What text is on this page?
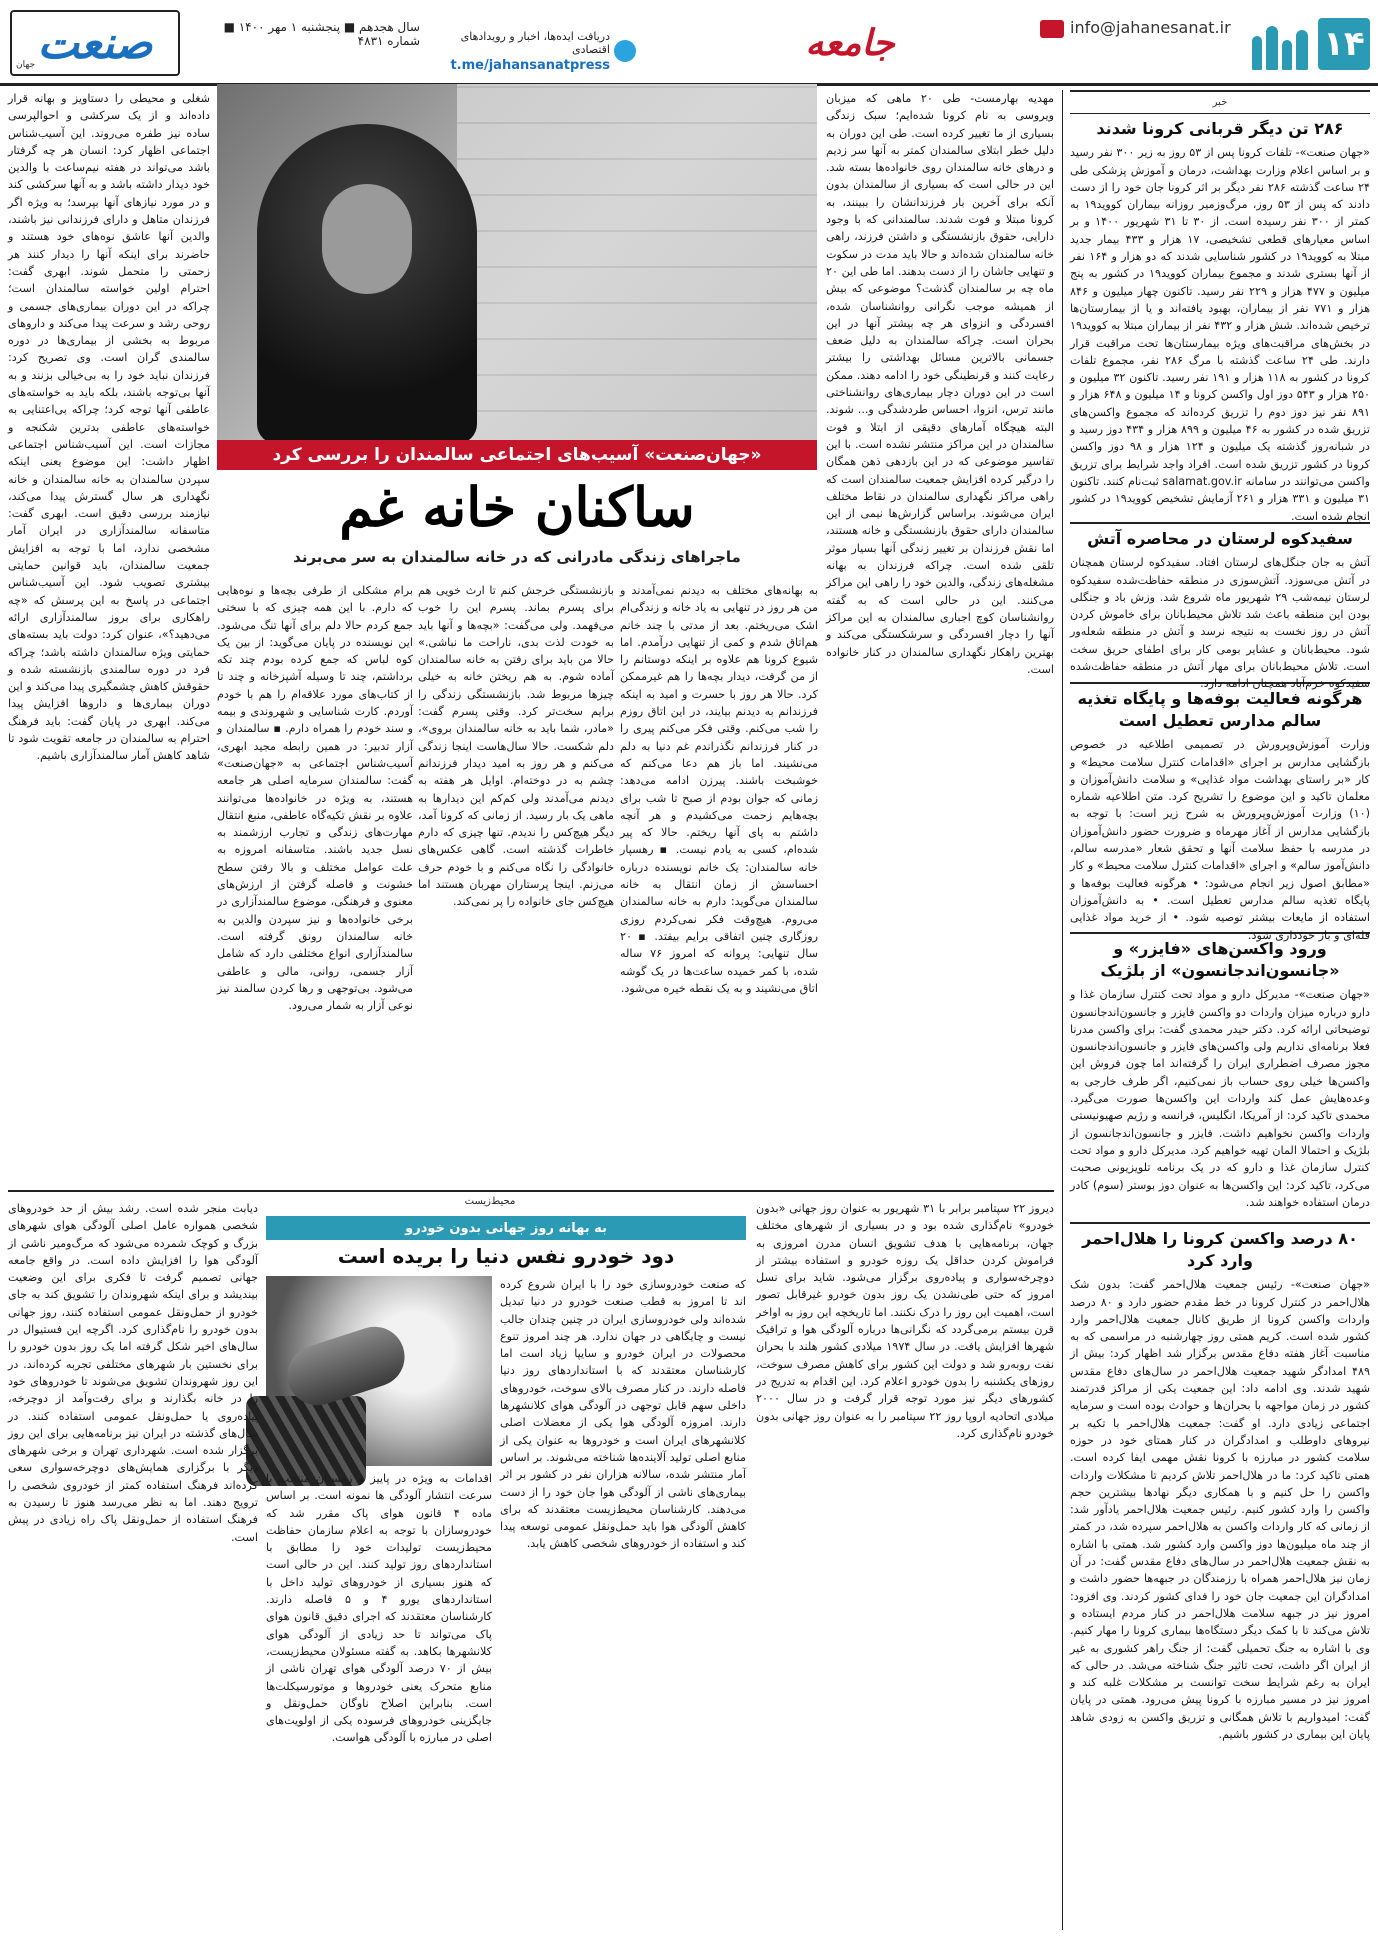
۱۴
info@jahanesanat.ir
جامعه
دریافت ایده‌ها، اخبار و رویدادهای اقتصادی
t.me/jahansanatpress
سال هجدهم ■ پنجشنبه ۱ مهر ۱۴۰۰ ■ شماره ۴۸۳۱
صنعت
جهان
خبر
۲۸۶ تن دیگر قربانی کرونا شدند

«جهان صنعت»- تلفات کرونا پس از ۵۳ روز به زیر ۳۰۰ نفر رسید و بر اساس اعلام وزارت بهداشت، درمان و آموزش پزشکی طی ۲۴ ساعت گذشته ۲۸۶ نفر دیگر بر اثر کرونا جان خود را از دست دادند که پس از ۵۳ روز، مرگ‌وزمیر روزانه بیماران کووید۱۹ به کمتر از ۳۰۰ نفر رسیده است. از ۳۰ تا ۳۱ شهریور ۱۴۰۰ و بر اساس معیارهای قطعی تشخیصی، ۱۷ هزار و ۴۳۳ بیمار جدید مبتلا به کووید۱۹ در کشور شناسایی شدند که دو هزار و ۱۶۴ نفر از آنها بستری شدند و مجموع بیماران کووید۱۹ در کشور به پنج میلیون و ۴۷۷ هزار و ۲۲۹ نفر رسید. تاکنون چهار میلیون و ۸۴۶ هزار و ۷۷۱ نفر از بیماران، بهبود یافته‌اند و یا از بیمارستان‌ها ترخیص شده‌اند. شش هزار و ۴۳۲ نفر از بیماران مبتلا به کووید۱۹ در بخش‌های مراقبت‌های ویژه بیمارستان‌ها تحت مراقبت قرار دارند. طی ۲۴ ساعت گذشته با مرگ ۲۸۶ نفر، مجموع تلفات کرونا در کشور به ۱۱۸ هزار و ۱۹۱ نفر رسید. تاکنون ۳۲ میلیون و ۲۵۰ هزار و ۵۴۳ دوز اول واکسن کرونا و ۱۴ میلیون و ۶۴۸ هزار و ۸۹۱ نفر نیز دوز دوم را تزریق کرده‌اند که مجموع واکسن‌های تزریق شده در کشور به ۴۶ میلیون و ۸۹۹ هزار و ۴۳۴ دوز رسید و در شبانه‌روز گذشته یک میلیون و ۱۲۴ هزار و ۹۸ دوز واکسن کرونا در کشور تزریق شده است. افراد واجد شرایط برای تزریق واکسن می‌توانند در سامانه salamat.gov.ir ثبت‌نام کنند. تاکنون ۳۱ میلیون و ۳۳۱ هزار و ۲۶۱ آزمایش تشخیص کووید۱۹ در کشور انجام شده است.

سفیدکوه لرستان در محاصره آتش

آتش به جان جنگل‌های لرستان افتاد. سفیدکوه لرستان همچنان در آتش می‌سوزد. آتش‌سوزی در منطقه حفاظت‌شده سفیدکوه لرستان نیمه‌شب ۲۹ شهریور ماه شروع شد. وزش باد و جنگلی بودن این منطقه باعث شد تلاش محیط‌بانان برای خاموش کردن آتش در روز نخست به نتیجه نرسد و آتش در منطقه شعله‌ور شود. محیط‌بانان و عشایر بومی کار برای اطفای حریق سخت است. تلاش محیط‌بانان برای مهار آتش در منطقه حفاظت‌شده سفیدکوه خرم‌آباد همچنان ادامه دارد.

هرگونه فعالیت بوفه‌ها و پایگاه تغذیه سالم مدارس تعطیل است

وزارت آموزش‌وپرورش در تصمیمی اطلاعیه در خصوص بازگشایی مدارس بر اجرای «اقدامات کنترل سلامت محیط» و کار «بر راستای بهداشت مواد غذایی» و سلامت دانش‌آموزان و معلمان تاکید و این موضوع را تشریح کرد. متن اطلاعیه شماره (۱۰) وزارت آموزش‌وپرورش به شرح زیر است: با توجه به بازگشایی مدارس از آغاز مهرماه و ضرورت حضور دانش‌آموزان در مدرسه با حفظ سلامت آنها و تحقق شعار «مدرسه سالم، دانش‌آموز سالم» و اجرای «اقدامات کنترل سلامت محیط» و کار «مطابق اصول زیر انجام می‌شود: • هرگونه فعالیت بوفه‌ها و پایگاه تغذیه سالم مدارس تعطیل است. • به دانش‌آموزان استفاده از مایعات بیشتر توصیه شود. • از خرید مواد غذایی فله‌ای و باز خودداری شود.

ورود واکسن‌های «فایزر» و «جانسون‌اند‌جانسون» از بلژیک

«جهان صنعت»- مدیرکل دارو و مواد تحت کنترل سازمان غذا و دارو درباره میزان واردات دو واکسن فایزر و جانسون‌اند‌جانسون توضیحاتی ارائه کرد. دکتر حیدر محمدی گفت: برای واکسن مدرنا فعلا برنامه‌ای نداریم ولی واکسن‌های فایزر و جانسون‌اند‌جانسون مجوز مصرف اضطراری ایران را گرفته‌اند اما چون فروش این واکسن‌ها خیلی روی حساب باز نمی‌کنیم، اگر طرف خارجی به وعده‌هایش عمل کند واردات این واکسن‌ها صورت می‌گیرد. محمدی تاکید کرد: از آمریکا، انگلیس، فرانسه و رژیم صهیونیستی واردات واکسن نخواهیم داشت. فایزر و جانسون‌اند‌جانسون از بلژیک و احتمالا المان تهیه خواهیم کرد. مدیرکل دارو و مواد تحت کنترل سازمان غذا و دارو که در یک برنامه تلویزیونی صحبت می‌کرد، تاکید کرد: این واکسن‌ها به عنوان دوز بوستر (سوم) کادر درمان استفاده خواهند شد.

۸۰ درصد واکسن کرونا را هلال‌احمر وارد کرد

«جهان صنعت»- رئیس جمعیت هلال‌احمر گفت: بدون شک هلال‌احمر در کنترل کرونا در خط مقدم حضور دارد و ۸۰ درصد واردات واکسن کرونا از طریق کانال جمعیت هلال‌احمر وارد کشور شده است. کریم همتی روز چهارشنبه در مراسمی که به مناسبت آغاز هفته دفاع مقدس برگزار شد اظهار کرد: بیش از ۴۸۹ امدادگر شهید جمعیت هلال‌احمر در سال‌های دفاع مقدس شهید شدند. وی ادامه داد: این جمعیت یکی از مراکز قدرتمند کشور در زمان مواجهه با بحران‌ها و حوادث بوده است و سرمایه اجتماعی زیادی دارد. او گفت: جمعیت هلال‌احمر با تکیه بر نیروهای داوطلب و امدادگران در کنار همتای خود در حوزه سلامت کشور در مبارزه با کرونا نقش مهمی ایفا کرده است. همتی تاکید کرد: ما در هلال‌احمر تلاش کردیم تا مشکلات واردات واکسن را حل کنیم و با همکاری دیگر نهادها بیشترین حجم واکسن را وارد کشور کنیم. رئیس جمعیت هلال‌احمر یادآور شد: از زمانی که کار واردات واکسن به هلال‌احمر سپرده شد، در کمتر از چند ماه میلیون‌ها دوز واکسن وارد کشور شد. همتی با اشاره به نقش جمعیت هلال‌احمر در سال‌های دفاع مقدس گفت: در آن زمان نیز هلال‌احمر همراه با رزمندگان در جبهه‌ها حضور داشت و امدادگران این جمعیت جان خود را فدای کشور کردند. وی افزود: امروز نیز در جبهه سلامت هلال‌احمر در کنار مردم ایستاده و تلاش می‌کند تا با کمک دیگر دستگاه‌ها بیماری کرونا را مهار کنیم. وی با اشاره به جنگ تحمیلی گفت: از جنگ راهر کشوری به غیر از ایران اگر داشت، تحت تاثیر جنگ شناخته می‌شد. در حالی که ایران به رغم شرایط سخت توانست بر مشکلات غلبه کند و امروز نیز در مسیر مبارزه با کرونا پیش می‌رود. همتی در پایان گفت: امیدواریم با تلاش همگانی و تزریق واکسن به زودی شاهد پایان این بیماری در کشور باشیم.

«جهان‌صنعت» آسیب‌های اجتماعی سالمندان را بررسی کرد
ساکنان خانه غم
ماجراهای زندگی مادرانی که در خانه سالمندان به سر می‌برند

مهدیه بهارمست- طی ۲۰ ماهی که میزبان ویروسی به نام کرونا شده‌ایم؛ سبک زندگی بسیاری از ما تغییر کرده است. طی این دوران به دلیل خطر ابتلای سالمندان کمتر به آنها سر زدیم و درهای خانه سالمندان روی خانواده‌ها بسته شد. این در حالی است که بسیاری از سالمندان بدون آنکه برای آخرین بار فرزندانشان را ببینند، به کرونا مبتلا و فوت شدند. سالمندانی که با وجود دارایی، حقوق بازنشستگی و داشتن فرزند، راهی خانه سالمندان شده‌اند و حالا باید مدت در سکوت و تنهایی جاشان را از دست بدهند. اما طی این ۲۰ ماه چه بر سالمندان گذشت؟ موضوعی که بیش از همیشه موجب نگرانی روانشناسان شده، افسردگی و انزوای هر چه بیشتر آنها در این بحران است. چراکه سالمندان به دلیل ضعف جسمانی بالاترین مسائل بهداشتی را بیشتر رعایت کنند و قرنطینگی خود را ادامه دهند. ممکن است در این دوران دچار بیماری‌های روانشناختی مانند ترس، انزوا، احساس طردشدگی و... شوند. البته هیچگاه آمارهای دقیقی از ابتلا و فوت سالمندان در این مراکز منتشر نشده است. با این تفاسیر موضوعی که در این بازدهی ذهن همگان را درگیر کرده افزایش جمعیت سالمندان است که راهی مراکز نگهداری سالمندان در نقاط مختلف ایران می‌شوند. براساس گزارش‌ها نیمی از این سالمندان دارای حقوق بازنشستگی و خانه هستند، اما نقش فرزندان بر تغییر زندگی آنها بسیار موثر تلقی شده است. چراکه فرزندان به بهانه مشغله‌های زندگی، والدین خود را راهی این مراکز می‌کنند. این در حالی است که به گفته روانشناسان کوچ اجباری سالمندان به این مراکز آنها را دچار افسردگی و سرشکستگی می‌کند و بهترین راهکار نگهداری سالمندان در کنار خانواده است.

به بهانه‌های مختلف به دیدنم نمی‌آمدند و من هر روز در تنهایی به یاد خانه و زندگی‌ام اشک می‌ریختم. بعد از مدتی با چند خانم هم‌اتاق شدم و کمی از تنهایی درآمدم. اما شیوع کرونا هم علاوه بر اینکه دوستانم را از من گرفت، دیدار بچه‌ها را هم غیرممکن کرد. حالا هر روز با حسرت و امید به اینکه فرزندانم به دیدنم بیایند، در این اتاق روزم را شب می‌کنم. وقتی فکر می‌کنم پیری را در کنار فرزندانم نگذراندم غم دنیا به دلم می‌نشیند. اما باز هم دعا می‌کنم که خوشبخت باشند. پیرزن ادامه می‌دهد: زمانی که جوان بودم از صبح تا شب برای بچه‌هایم زحمت می‌کشیدم و هر آنچه داشتم به پای آنها ریختم. حالا که پیر شده‌ام، کسی به یادم نیست. ▪ رهسپار خانه سالمندان: یک خانم نویسنده درباره احساسش از زمان انتقال به خانه سالمندان می‌گوید: دارم به خانه سالمندان می‌روم. هیچ‌وقت فکر نمی‌کردم روزی روزگاری چنین اتفاقی برایم بیفتد. ▪ ۲۰ سال تنهایی: پروانه که امروز ۷۶ ساله شده، با کمر خمیده ساعت‌ها در یک گوشه اتاق می‌نشیند و به یک نقطه خیره می‌شود.

بازنشستگی خرجش کنم تا ارث خویی هم برای پسرم بماند. پسرم این را خوب می‌فهمد. ولی می‌گفت: «بچه‌ها و آنها باید به خودت لذت بدی، ناراحت ما نباشی.» حالا من باید برای رفتن به خانه سالمندان آماده شوم. به هم ریختن خانه به خیلی چیزها مربوط شد. بازنشستگی زندگی را برایم سخت‌تر کرد. وقتی پسرم گفت: «مادر، شما باید به خانه سالمندان بروی»، دلم شکست. حالا سال‌هاست اینجا زندگی می‌کنم و هر روز به امید دیدار فرزندانم چشم به در دوخته‌ام. اوایل هر هفته به دیدنم می‌آمدند ولی کم‌کم این دیدارها به ماهی یک بار رسید. از زمانی که کرونا آمد، دیگر هیچ‌کس را ندیدم. تنها چیزی که دارم خاطرات گذشته است. گاهی عکس‌های خانوادگی را نگاه می‌کنم و با خودم حرف می‌زنم. اینجا پرستاران مهربان هستند اما هیچ‌کس جای خانواده را پر نمی‌کند.

برام مشکلی از طرفی بچه‌ها و نوه‌هایی که دارم. با این همه چیزی که با سختی جمع کردم حالا دلم برای آنها تنگ می‌شود. این نویسنده در پایان می‌گوید: از بین یک کوه لباس که جمع کرده بودم چند تکه برداشتم، چند تا وسیله آشپزخانه و چند تا از کتاب‌های مورد علاقه‌ام را هم با خودم آوردم. کارت شناسایی و شهروندی و بیمه و سند خودم را همراه دارم. ▪ سالمندان و آزار تدبیر: در همین رابطه مجید ابهری، آسیب‌شناس اجتماعی به «جهان‌صنعت» گفت: سالمندان سرمایه اصلی هر جامعه هستند، به ویژه در خانواده‌ها می‌توانند علاوه بر نقش تکیه‌گاه عاطفی، منبع انتقال مهارت‌های زندگی و تجارب ارزشمند به نسل جدید باشند. متاسفانه امروزه به علت عوامل مختلف و بالا رفتن سطح خشونت و فاصله گرفتن از ارزش‌های معنوی و فرهنگی، موضوع سالمندآزاری در برخی خانواده‌ها و نیز سپردن والدین به خانه سالمندان رونق گرفته است. سالمندآزاری انواع مختلفی دارد که شامل آزار جسمی، روانی، مالی و عاطفی می‌شود. بی‌توجهی و رها کردن سالمند نیز نوعی آزار به شمار می‌رود.

شغلی و محیطی را دستاویز و بهانه قرار داده‌اند و از یک سرکشی و احوالپرسی ساده نیز طفره می‌روند. این آسیب‌شناس اجتماعی اظهار کرد: انسان هر چه گرفتار باشد می‌تواند در هفته نیم‌ساعت با والدین خود دیدار داشته باشد و به آنها سرکشی کند و در مورد نیازهای آنها بپرسد؛ به ویژه اگر فرزندان متاهل و دارای فرزندانی نیز باشند، والدین آنها عاشق نوه‌های خود هستند و حاضرند برای اینکه آنها را دیدار کنند هر زحمتی را متحمل شوند. ابهری گفت: احترام اولین خواسته سالمندان است؛ چراکه در این دوران بیماری‌های جسمی و روحی رشد و سرعت پیدا می‌کند و داروهای مربوط به بخشی از بیماری‌ها در دوره سالمندی گران است. وی تصریح کرد: فرزندان نباید خود را به بی‌خیالی بزنند و به آنها بی‌توجه باشند، بلکه باید به خواسته‌های عاطفی آنها توجه کرد؛ چراکه بی‌اعتنایی به خواسته‌های عاطفی بدترین شکنجه و مجازات است. این آسیب‌شناس اجتماعی اظهار داشت: این موضوع یعنی اینکه سپردن سالمندان به خانه سالمندان و خانه نگهداری هر سال گسترش پیدا می‌کند، نیازمند بررسی دقیق است. ابهری گفت: متاسفانه سالمندآزاری در ایران آمار مشخصی ندارد، اما با توجه به افزایش جمعیت سالمندان، باید قوانین حمایتی بیشتری تصویب شود. این آسیب‌شناس اجتماعی در پاسخ به این پرسش که «چه راهکاری برای بروز سالمندآزاری ارائه می‌دهید؟»، عنوان کرد: دولت باید بسته‌های حمایتی ویژه سالمندان داشته باشد؛ چراکه فرد در دوره سالمندی بازنشسته شده و حقوقش کاهش چشمگیری پیدا می‌کند و این دوران بیماری‌ها و داروها افزایش پیدا می‌کند. ابهری در پایان گفت: باید فرهنگ احترام به سالمندان در جامعه تقویت شود تا شاهد کاهش آمار سالمندآزاری باشیم.

محیط‌زیست
به بهانه روز جهانی بدون خودرو
دود خودرو نفس دنیا را بریده است

دیروز ۲۲ سپتامبر برابر با ۳۱ شهریور به عنوان روز جهانی «بدون خودرو» نام‌گذاری شده بود و در بسیاری از شهرهای مختلف جهان، برنامه‌هایی با هدف تشویق انسان مدرن امروزی به فراموش کردن حداقل یک روزه خودرو و استفاده بیشتر از دوچرخه‌سواری و پیاده‌روی برگزار می‌شود. شاید برای نسل امروز که حتی طی‌نشدن یک روز بدون خودرو غیرقابل تصور است، اهمیت این روز را درک نکنند. اما تاریخچه این روز به اواخر قرن بیستم برمی‌گردد که نگرانی‌ها درباره آلودگی هوا و ترافیک شهرها افزایش یافت. در سال ۱۹۷۴ میلادی کشور هلند با بحران نفت روبه‌رو شد و دولت این کشور برای کاهش مصرف سوخت، روزهای یکشنبه را بدون خودرو اعلام کرد. این اقدام به تدریج در کشورهای دیگر نیز مورد توجه قرار گرفت و در سال ۲۰۰۰ میلادی اتحادیه اروپا روز ۲۲ سپتامبر را به عنوان روز جهانی بدون خودرو نام‌گذاری کرد.

که صنعت خودروسازی خود را با ایران شروع کرده اند تا امروز به قطب صنعت خودرو در دنیا تبدیل شده‌اند ولی خودروسازی ایران در چنین چندان جالب نیست و چایگاهی در جهان ندارد. هر چند امروز تنوع محصولات در ایران خودرو و سایپا زیاد است اما کارشناسان معتقدند که با استانداردهای روز دنیا فاصله دارند. در کنار مصرف بالای سوخت، خودروهای داخلی سهم قابل توجهی در آلودگی هوای کلانشهرها دارند. امروزه آلودگی هوا یکی از معضلات اصلی کلانشهرهای ایران است و خودروها به عنوان یکی از منابع اصلی تولید آلاینده‌ها شناخته می‌شوند. بر اساس آمار منتشر شده، سالانه هزاران نفر در کشور بر اثر بیماری‌های ناشی از آلودگی هوا جان خود را از دست می‌دهند. کارشناسان محیط‌زیست معتقدند که برای کاهش آلودگی هوا باید حمل‌ونقل عمومی توسعه پیدا کند و استفاده از خودروهای شخصی کاهش یابد.

اقدامات به ویژه در پاییز و زمستان منتخب با سرعت انتشار آلودگی ها نمونه است. بر اساس ماده ۴ قانون هوای پاک مقرر شد که خودروسازان با توجه به اعلام سازمان حفاظت محیط‌زیست تولیدات خود را مطابق با استانداردهای روز تولید کنند. این در حالی است که هنوز بسیاری از خودروهای تولید داخل با استانداردهای یورو ۴ و ۵ فاصله دارند. کارشناسان معتقدند که اجرای دقیق قانون هوای پاک می‌تواند تا حد زیادی از آلودگی هوای کلانشهرها بکاهد. به گفته مسئولان محیط‌زیست، بیش از ۷۰ درصد آلودگی هوای تهران ناشی از منابع متحرک یعنی خودروها و موتورسیکلت‌ها است. بنابراین اصلاح ناوگان حمل‌ونقل و جایگزینی خودروهای فرسوده یکی از اولویت‌های اصلی در مبارزه با آلودگی هواست.

دیابت منجر شده است. رشد بیش از حد خودروهای شخصی همواره عامل اصلی آلودگی هوای شهرهای بزرگ و کوچک شمرده می‌شود که مرگ‌ومیر ناشی از آلودگی هوا را افزایش داده است. در واقع جامعه جهانی تصمیم گرفت تا فکری برای این وضعیت بیندیشد و برای اینکه شهروندان را تشویق کند به جای خودرو از حمل‌ونقل عمومی استفاده کنند، روز جهانی بدون خودرو را نام‌گذاری کرد. اگرچه این فستیوال در سال‌های اخیر شکل گرفته اما یک روز بدون خودرو را برای نخستین بار شهرهای مختلفی تجربه کرده‌اند. در این روز شهروندان تشویق می‌شوند تا خودروهای خود را در خانه بگذارند و برای رفت‌وآمد از دوچرخه، پیاده‌روی یا حمل‌ونقل عمومی استفاده کنند. در سال‌های گذشته در ایران نیز برنامه‌هایی برای این روز برگزار شده است. شهرداری تهران و برخی شهرهای دیگر با برگزاری همایش‌های دوچرخه‌سواری سعی کرده‌اند فرهنگ استفاده کمتر از خودروی شخصی را ترویج دهند. اما به نظر می‌رسد هنوز تا رسیدن به فرهنگ استفاده از حمل‌ونقل پاک راه زیادی در پیش است.
